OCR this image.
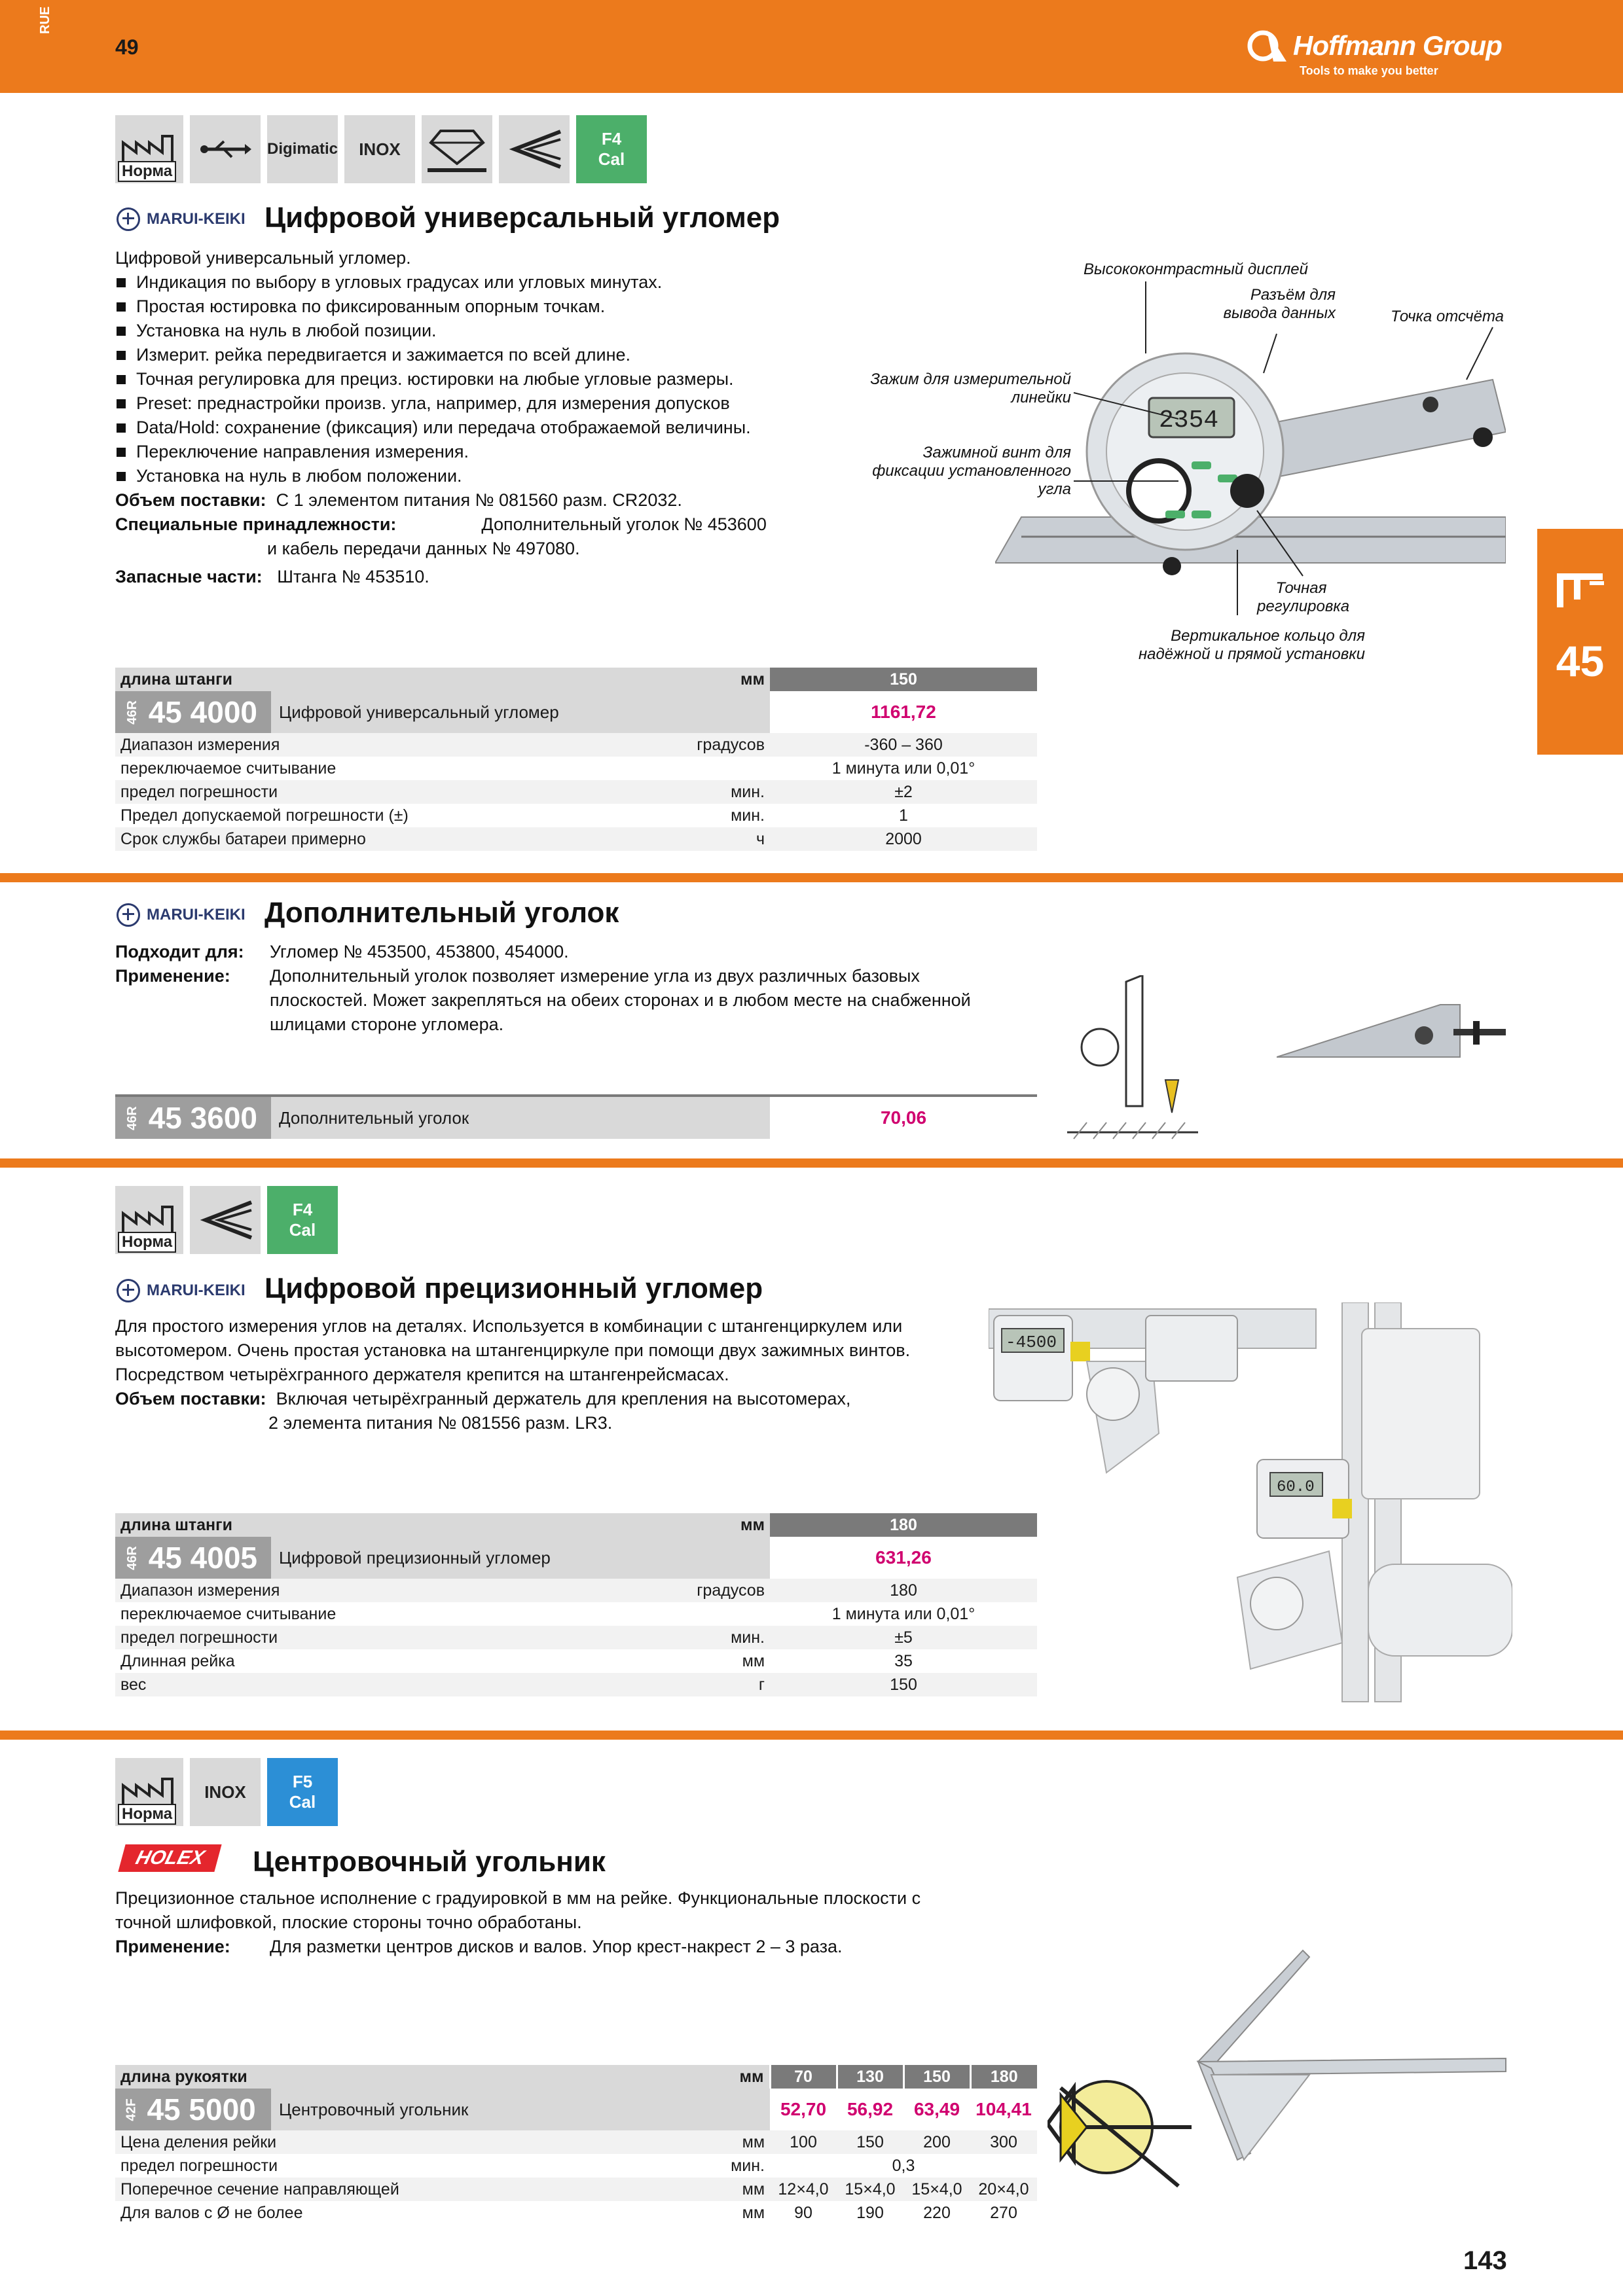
RUE
49	Hoffmann Group
Tools to make you better
45
Норма
Digimatic	INOX
F4
Cal
MARUI-KEIKI Цифровой универсальный угломер
Цифровой универсальный угломер.
Индикация по выбору в угловых градусах или угловых минутах.
Простая юстировка по фиксированным опорным точкам.
Установка на нуль в любой позиции.
Измерит. рейка передвигается и зажимается по всей длине.
Точная регулировка для прециз. юстировки на любые угловые размеры.
Preset: преднастройки произв. угла, например, для измерения допусков
Data/Hold: сохранение (фиксация) или передача отображаемой величины.
Переключение направления измерения.
Установка на нуль в любом положении.
Объем поставки: С 1 элементом питания № 081560 разм. CR2032.
Специальные принадлежности:	Дополнительный уголок № 453600
и кабель передачи данных № 497080.
Запасные части: Штанга № 453510.
2354
Высококонтрастный дисплей
Разъём для
вывода данных	Точка отсчёта
Зажим для измерительной
линейки
Зажимной винт для
фиксации установленного
угла
Точная
регулировка
Вертикальное кольцо для
надёжной и прямой установки
длина штанги	мм	150

46R 45 4000 Цифровой универсальный угломер		1161,72
Диапазон измерения	градусов	-360 – 360
переключаемое считывание		1 минута или 0,01°
предел погрешности	мин.	±2
Предел допускаемой погрешности (±)	мин.	1
Срок службы батареи примерно	ч	2000
MARUI-KEIKI Дополнительный уголок
Подходит для: Угломер № 453500, 453800, 454000.
Применение:	Дополнительный уголок позволяет измерение угла из двух различных базовых
плоскостей. Может закрепляться на обеих сторонах и в любом месте на снабженной
шлицами стороне угломера.
46R 45 3600	Дополнительный уголок	70,06
Норма
F4
Cal
MARUI-KEIKI Цифровой прецизионный угломер
Для простого измерения углов на деталях. Используется в комбинации с штангенциркулем или
высотомером. Очень простая установка на штангенциркуле при помощи двух зажимных винтов.
Посредством четырёхгранного держателя крепится на штангенрейсмасах.
Объем поставки: Включая четырёхгранный держатель для крепления на высотомерах,
2 элемента питания № 081556 разм. LR3.
-4500
60.0
длина штанги	мм	180

46R 45 4005 Цифровой прецизионный угломер		631,26
Диапазон измерения	градусов	180
переключаемое считывание		1 минута или 0,01°
предел погрешности	мин.	±5
Длинная рейка	мм	35
вес	г	150
Норма
INOX
F5
Cal
HOLEX	Центровочный угольник
Прецизионное стальное исполнение с градуировкой в мм на рейке. Функциональные плоскости с
точной шлифовкой, плоские стороны точно обработаны.
Применение: Для разметки центров дисков и валов. Упор крест-накрест 2 – 3 раза.
длина рукоятки	мм	70	130	150	180

42F 45 5000 Центровочный угольник		52,70	56,92	63,49	104,41
Цена деления рейки	мм	100	150	200	300
предел погрешности	мин.	0,3			
Поперечное сечение направляющей	мм	12×4,0	15×4,0	15×4,0	20×4,0
Для валов с Ø не более	мм	90	190	220	270
143
